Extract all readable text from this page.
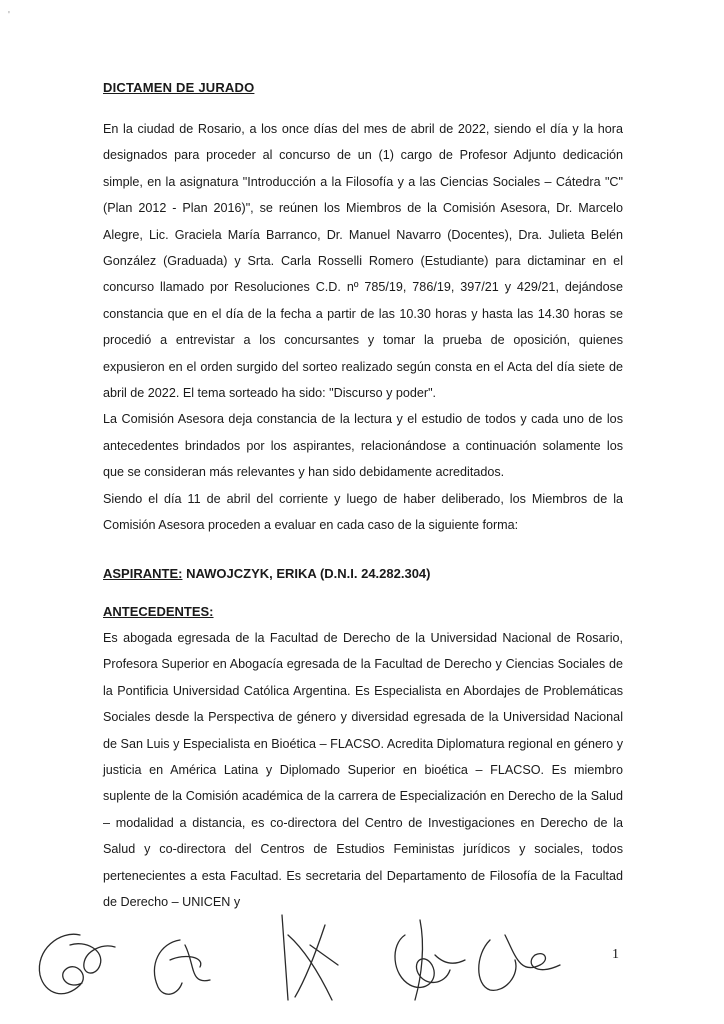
'
DICTAMEN DE JURADO

En la ciudad de Rosario, a los once días del mes de abril de 2022, siendo el día y la hora designados para proceder al concurso de un (1) cargo de Profesor Adjunto dedicación simple, en la asignatura "Introducción a la Filosofía y a las Ciencias Sociales – Cátedra "C" (Plan 2012 - Plan 2016)", se reúnen los Miembros de la Comisión Asesora, Dr. Marcelo Alegre, Lic. Graciela María Barranco, Dr. Manuel Navarro (Docentes), Dra. Julieta Belén González (Graduada) y Srta. Carla Rosselli Romero (Estudiante) para dictaminar en el concurso llamado por Resoluciones C.D. nº 785/19, 786/19, 397/21 y 429/21, dejándose constancia que en el día de la fecha a partir de las 10.30 horas y hasta las 14.30 horas se procedió a entrevistar a los concursantes y tomar la prueba de oposición, quienes expusieron en el orden surgido del sorteo realizado según consta en el Acta del día siete de abril de 2022. El tema sorteado ha sido: "Discurso y poder".

La Comisión Asesora deja constancia de la lectura y el estudio de todos y cada uno de los antecedentes brindados por los aspirantes, relacionándose a continuación solamente los que se consideran más relevantes y han sido debidamente acreditados.

Siendo el día 11 de abril del corriente y luego de haber deliberado, los Miembros de la Comisión Asesora proceden a evaluar en cada caso de la siguiente forma:

ASPIRANTE: NAWOJCZYK, ERIKA (D.N.I. 24.282.304)
ANTECEDENTES:

Es abogada egresada de la Facultad de Derecho de la Universidad Nacional de Rosario, Profesora Superior en Abogacía egresada de la Facultad de Derecho y Ciencias Sociales de la Pontificia Universidad Católica Argentina. Es Especialista en Abordajes de Problemáticas Sociales desde la Perspectiva de género y diversidad egresada de la Universidad Nacional de San Luis y Especialista en Bioética – FLACSO. Acredita Diplomatura regional en género y justicia en América Latina y Diplomado Superior en bioética – FLACSO. Es miembro suplente de la Comisión académica de la carrera de Especialización en Derecho de la Salud – modalidad a distancia, es co-directora del Centro de Investigaciones en Derecho de la Salud y co-directora del Centros de Estudios Feministas jurídicos y sociales, todos pertenecientes a esta Facultad. Es secretaria del Departamento de Filosofía de la Facultad de Derecho – UNICEN y

1
